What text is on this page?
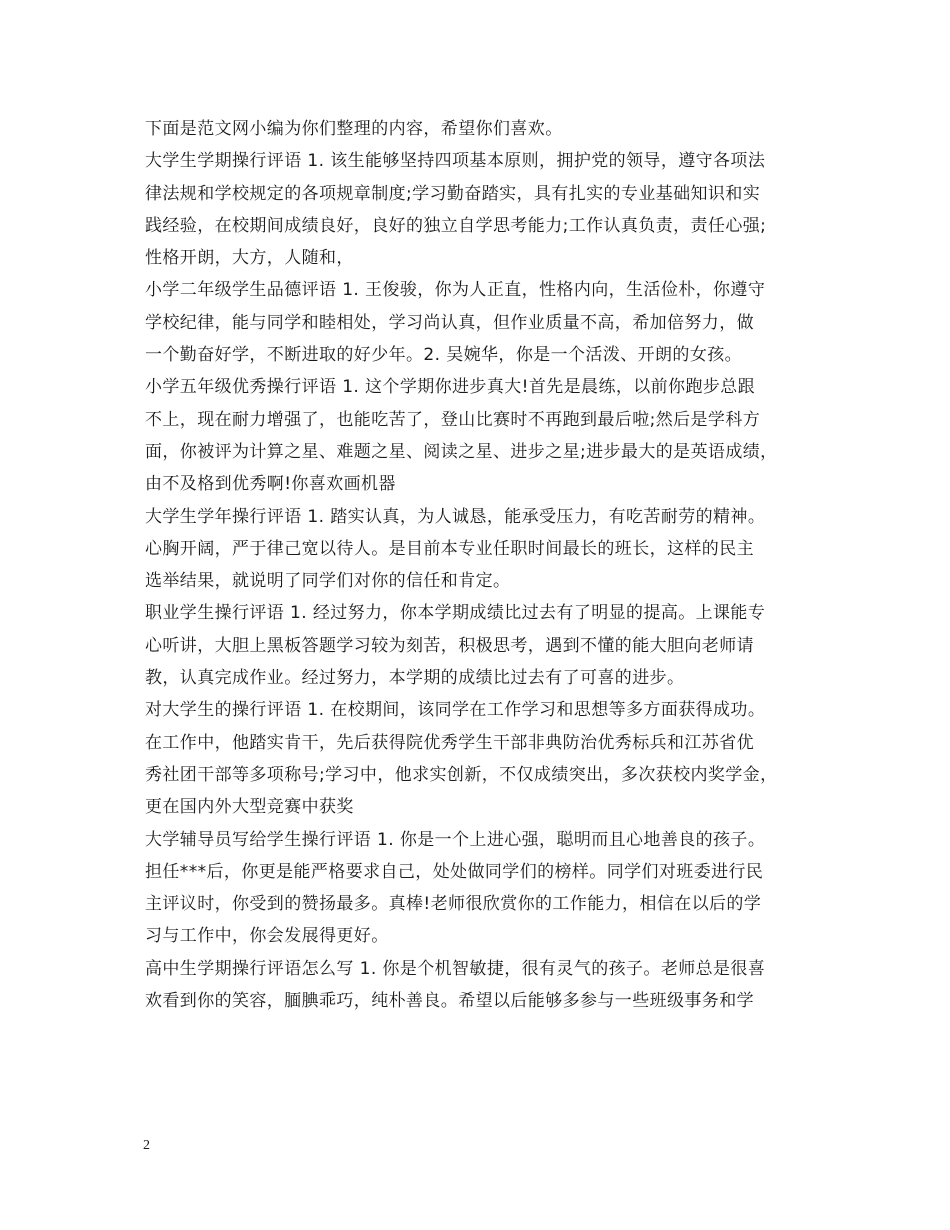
下面是范文网小编为你们整理的内容，希望你们喜欢。
大学生学期操行评语 1. 该生能够坚持四项基本原则，拥护党的领导，遵守各项法
律法规和学校规定的各项规章制度;学习勤奋踏实，具有扎实的专业基础知识和实
践经验，在校期间成绩良好，良好的独立自学思考能力;工作认真负责，责任心强;
性格开朗，大方，人随和，
小学二年级学生品德评语 1. 王俊骏，你为人正直，性格内向，生活俭朴，你遵守
学校纪律，能与同学和睦相处，学习尚认真，但作业质量不高，希加倍努力，做
一个勤奋好学，不断进取的好少年。2. 吴婉华，你是一个活泼、开朗的女孩。
小学五年级优秀操行评语 1. 这个学期你进步真大!首先是晨练，以前你跑步总跟
不上，现在耐力增强了，也能吃苦了，登山比赛时不再跑到最后啦;然后是学科方
面，你被评为计算之星、难题之星、阅读之星、进步之星;进步最大的是英语成绩，
由不及格到优秀啊!你喜欢画机器
大学生学年操行评语 1. 踏实认真，为人诚恳，能承受压力，有吃苦耐劳的精神。
心胸开阔，严于律己宽以待人。是目前本专业任职时间最长的班长，这样的民主
选举结果，就说明了同学们对你的信任和肯定。
职业学生操行评语 1. 经过努力，你本学期成绩比过去有了明显的提高。上课能专
心听讲，大胆上黑板答题学习较为刻苦，积极思考，遇到不懂的能大胆向老师请
教，认真完成作业。经过努力，本学期的成绩比过去有了可喜的进步。
对大学生的操行评语 1. 在校期间，该同学在工作学习和思想等多方面获得成功。
在工作中，他踏实肯干，先后获得院优秀学生干部非典防治优秀标兵和江苏省优
秀社团干部等多项称号;学习中，他求实创新，不仅成绩突出，多次获校内奖学金，
更在国内外大型竞赛中获奖
大学辅导员写给学生操行评语 1. 你是一个上进心强，聪明而且心地善良的孩子。
担任***后，你更是能严格要求自己，处处做同学们的榜样。同学们对班委进行民
主评议时，你受到的赞扬最多。真棒!老师很欣赏你的工作能力，相信在以后的学
习与工作中，你会发展得更好。
高中生学期操行评语怎么写 1. 你是个机智敏捷，很有灵气的孩子。老师总是很喜
欢看到你的笑容，腼腆乖巧，纯朴善良。希望以后能够多参与一些班级事务和学
2
